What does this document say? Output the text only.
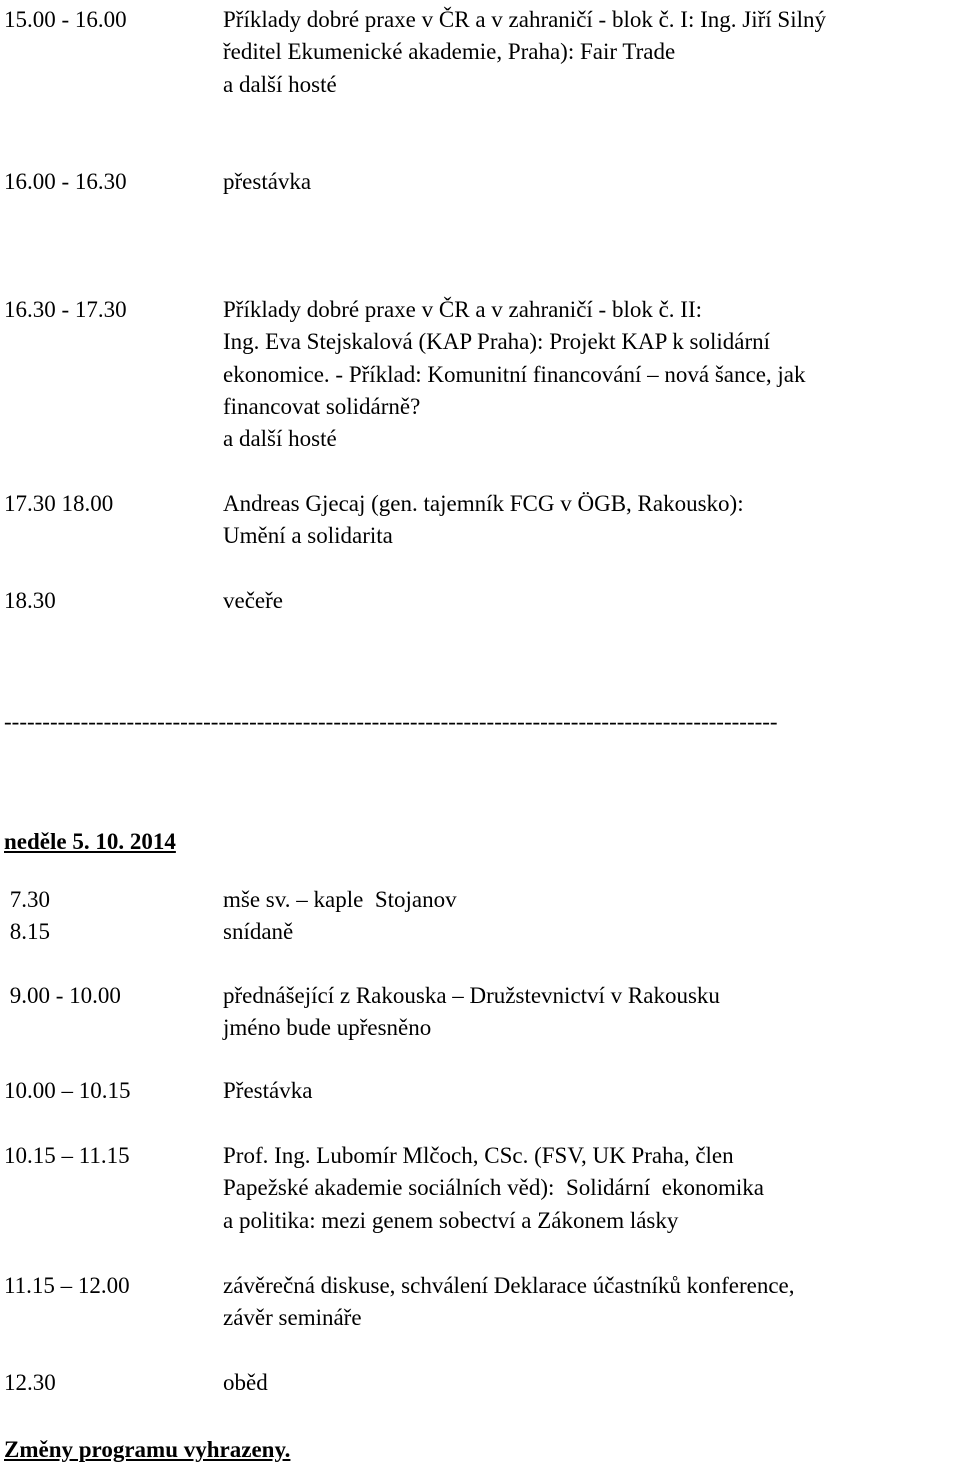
15.00 - 16.00	Příklady dobré praxe v ČR a v zahraničí - blok č. I: Ing. Jiří Silný
ředitel Ekumenické akademie, Praha): Fair Trade
a další hosté
16.00 - 16.30	přestávka
16.30 - 17.30	Příklady dobré praxe v ČR a v zahraničí - blok č. II:
Ing. Eva Stejskalová (KAP Praha): Projekt KAP k solidární
ekonomice. - Příklad: Komunitní financování – nová šance, jak
financovat solidárně?
a další hosté
17.30 18.00	Andreas Gjecaj (gen. tajemník FCG v ÖGB, Rakousko):
Umění a solidarita
18.30	večeře
-----------------------------------------------------------------------------------------------------
neděle 5. 10. 2014
7.30	mše sv. – kaple  Stojanov
8.15	snídaně
9.00 - 10.00	přednášející z Rakouska – Družstevnictví v Rakousku
jméno bude upřesněno
10.00 – 10.15	Přestávka
10.15 – 11.15	Prof. Ing. Lubomír Mlčoch, CSc. (FSV, UK Praha, člen
Papežské akademie sociálních věd):  Solidární  ekonomika
a politika: mezi genem sobectví a Zákonem lásky
11.15 – 12.00	závěrečná diskuse, schválení Deklarace účastníků konference,
závěr semináře
12.30	oběd
Změny programu vyhrazeny.
